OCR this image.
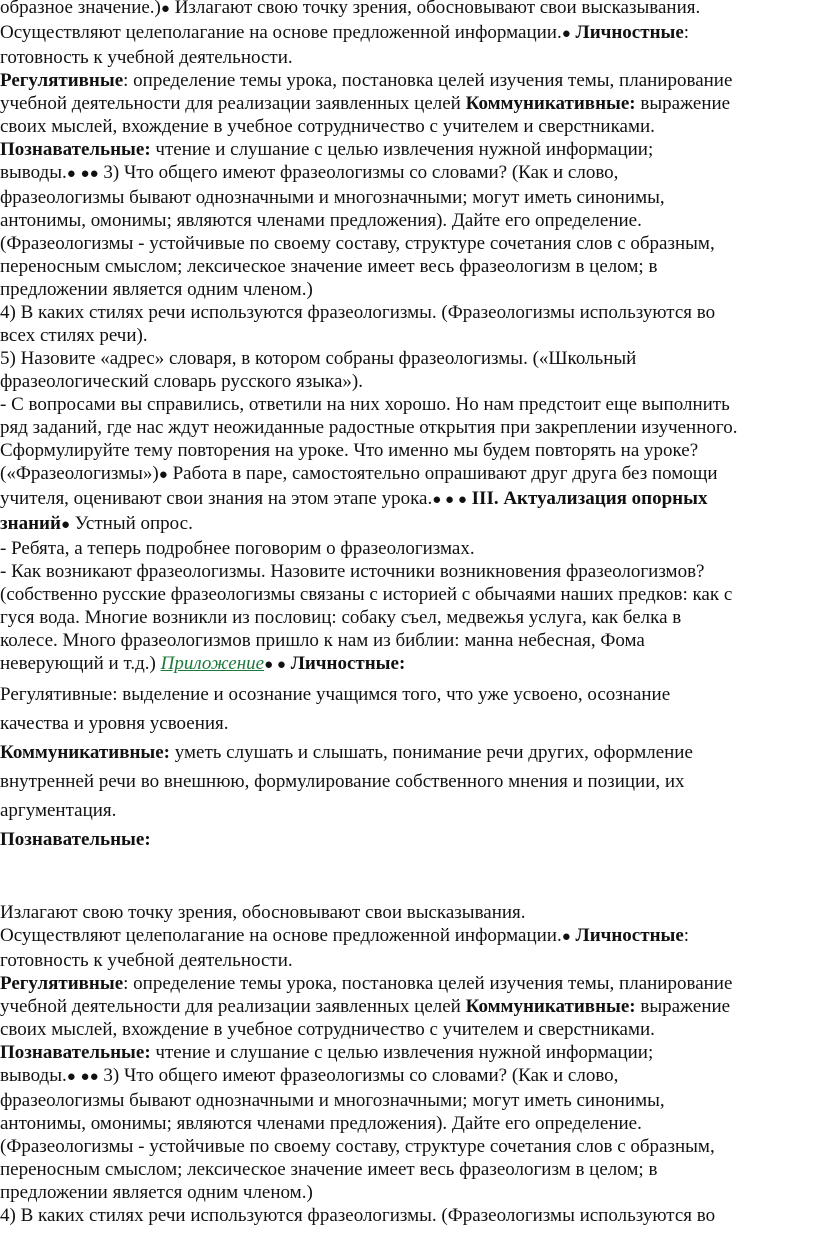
образное значение.)● Излагают свою точку зрения, обосновывают свои высказывания.
Осуществляют целеполагание на основе предложенной информации.● Личностные:
готовность к учебной деятельности.
Регулятивные: определение темы урока, постановка целей изучения темы, планирование
учебной деятельности для реализации заявленных целей Коммуникативные: выражение
своих мыслей, вхождение в учебное сотрудничество с учителем и сверстниками.
Познавательные: чтение и слушание с целью извлечения нужной информации;
выводы.● ●● 3) Что общего имеют фразеологизмы со словами? (Как и слово,
фразеологизмы бывают однозначными и многозначными; могут иметь синонимы,
антонимы, омонимы; являются членами предложения). Дайте его определение.
(Фразеологизмы - устойчивые по своему составу, структуре сочетания слов с образным,
переносным смыслом; лексическое значение имеет весь фразеологизм в целом; в
предложении является одним членом.)
4) В каких стилях речи используются фразеологизмы. (Фразеологизмы используются во
всех стилях речи).
5) Назовите «адрес» словаря, в котором собраны фразеологизмы. («Школьный
фразеологический словарь русского языка»).
- С вопросами вы справились, ответили на них хорошо. Но нам предстоит еще выполнить
ряд заданий, где нас ждут неожиданные радостные открытия при закреплении изученного.
Сформулируйте тему повторения на уроке. Что именно мы будем повторять на уроке?
(«Фразеологизмы»)● Работа в паре, самостоятельно опрашивают друг друга без помощи
учителя, оценивают свои знания на этом этапе урока.● ● ● III. Актуализация опорных
знаний● Устный опрос.
- Ребята, а теперь подробнее поговорим о фразеологизмах.
- Как возникают фразеологизмы. Назовите источники возникновения фразеологизмов?
(собственно русские фразеологизмы связаны с историей с обычаями наших предков: как с
гуся вода. Многие возникли из пословиц: собаку съел, медвежья услуга, как белка в
колесе. Много фразеологизмов пришло к нам из библии: манна небесная, Фома
неверующий и т.д.) Приложение● ● Личностные:
Регулятивные: выделение и осознание учащимся того, что уже усвоено, осознание
качества и уровня усвоения.
Коммуникативные: уметь слушать и слышать, понимание речи других, оформление
внутренней речи во внешнюю, формулирование собственного мнения и позиции, их
аргументация.
Познавательные:
Излагают свою точку зрения, обосновывают свои высказывания.
Осуществляют целеполагание на основе предложенной информации.● Личностные:
готовность к учебной деятельности.
Регулятивные: определение темы урока, постановка целей изучения темы, планирование
учебной деятельности для реализации заявленных целей Коммуникативные: выражение
своих мыслей, вхождение в учебное сотрудничество с учителем и сверстниками.
Познавательные: чтение и слушание с целью извлечения нужной информации;
выводы.● ●● 3) Что общего имеют фразеологизмы со словами? (Как и слово,
фразеологизмы бывают однозначными и многозначными; могут иметь синонимы,
антонимы, омонимы; являются членами предложения). Дайте его определение.
(Фразеологизмы - устойчивые по своему составу, структуре сочетания слов с образным,
переносным смыслом; лексическое значение имеет весь фразеологизм в целом; в
предложении является одним членом.)
4) В каких стилях речи используются фразеологизмы. (Фразеологизмы используются во
